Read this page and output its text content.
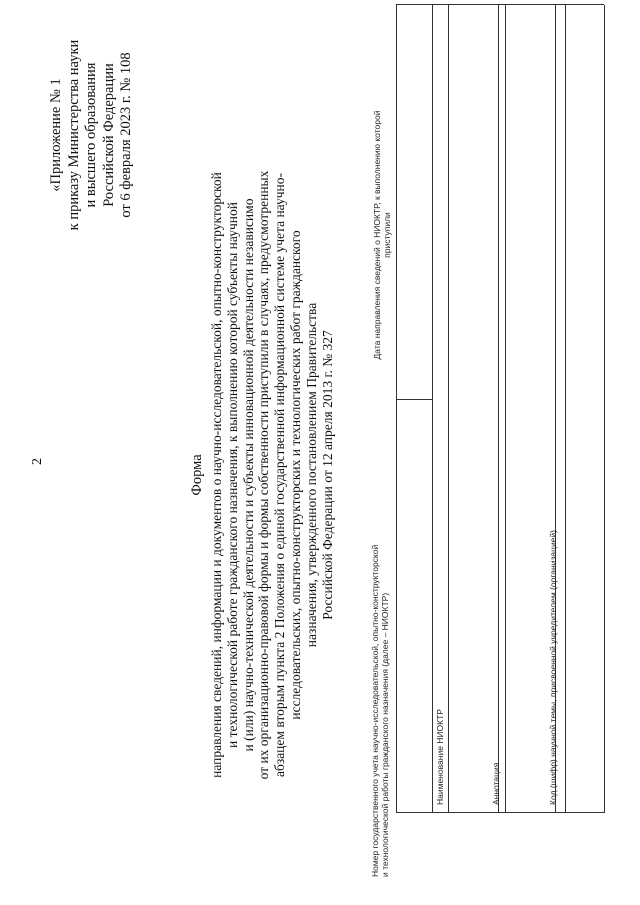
2
«Приложение № 1 к приказу Министерства науки и высшего образования Российской Федерации от 6 февраля 2023 г. № 108
Форма направления сведений, информации и документов о научно-исследовательской, опытно-конструкторской и технологической работе гражданского назначения, к выполнению которой субъекты научной и (или) научно-технической деятельности и субъекты инновационной деятельности независимо от их организационно-правовой формы и формы собственности приступили в случаях, предусмотренных абзацем вторым пункта 2 Положения о единой государственной информационной системе учета научно- исследовательских, опытно-конструкторских и технологических работ гражданского назначения, утвержденного постановлением Правительства Российской Федерации от 12 апреля 2013 г. № 327
Номер государственного учета научно-исследовательской, опытно-конструкторской и технологической работы гражданского назначения (далее – НИОКТР)
Дата направления сведений о НИОКТР, к выполнению которой приступили
Наименование НИОКТР	Аннотация	Код (шифр) научной темы, присвоенной учредителем (организацией)
